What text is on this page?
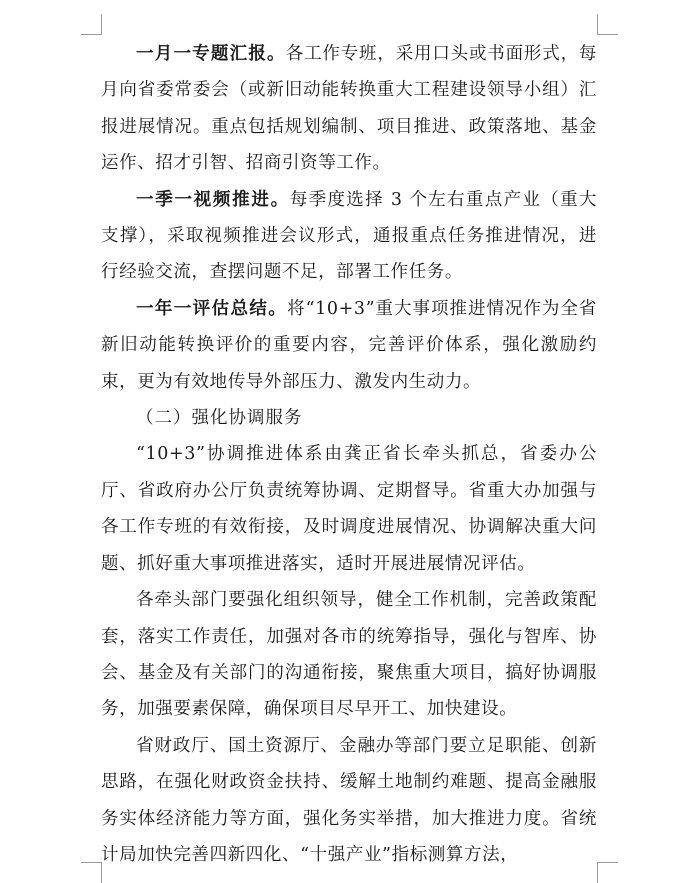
一月一专题汇报。各工作专班，采用口头或书面形式，每月向省委常委会（或新旧动能转换重大工程建设领导小组）汇报进展情况。重点包括规划编制、项目推进、政策落地、基金运作、招才引智、招商引资等工作。

一季一视频推进。每季度选择 3 个左右重点产业（重大支撑），采取视频推进会议形式，通报重点任务推进情况，进行经验交流，查摆问题不足，部署工作任务。

一年一评估总结。将“10+3”重大事项推进情况作为全省新旧动能转换评价的重要内容，完善评价体系，强化激励约束，更为有效地传导外部压力、激发内生动力。

（二）强化协调服务

“10+3”协调推进体系由龚正省长牵头抓总，省委办公厅、省政府办公厅负责统筹协调、定期督导。省重大办加强与各工作专班的有效衔接，及时调度进展情况、协调解决重大问题、抓好重大事项推进落实，适时开展进展情况评估。

各牵头部门要强化组织领导，健全工作机制，完善政策配套，落实工作责任，加强对各市的统筹指导，强化与智库、协会、基金及有关部门的沟通衔接，聚焦重大项目，搞好协调服务，加强要素保障，确保项目尽早开工、加快建设。

省财政厅、国土资源厅、金融办等部门要立足职能、创新思路，在强化财政资金扶持、缓解土地制约难题、提高金融服务实体经济能力等方面，强化务实举措，加大推进力度。省统计局加快完善四新四化、“十强产业”指标测算方法，
